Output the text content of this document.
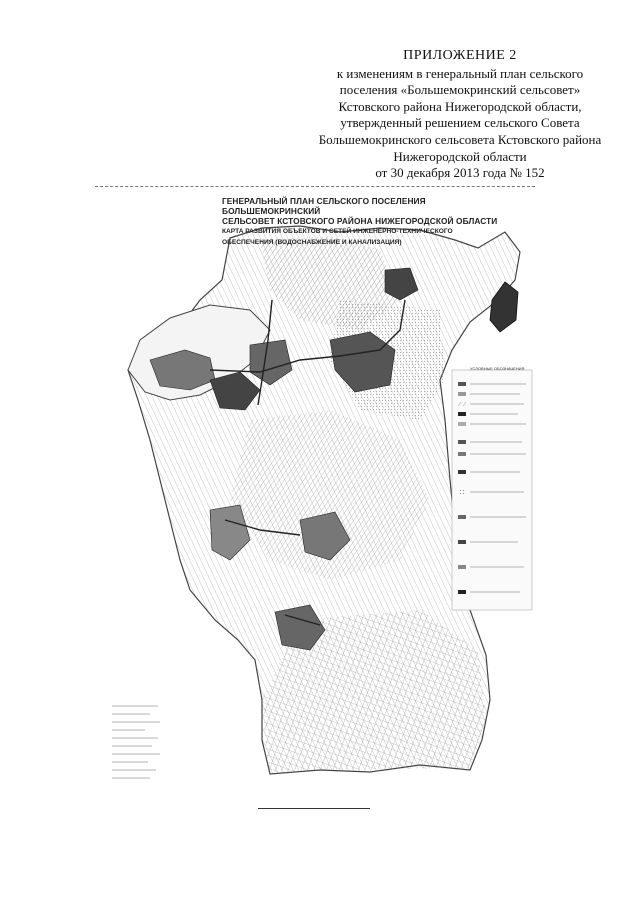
ПРИЛОЖЕНИЕ 2
к изменениям в генеральный план сельского
поселения «Большемокринский сельсовет»
Кстовского района Нижегородской области,
утвержденный решением сельского Совета
Большемокринского сельсовета Кстовского района
Нижегородской области
от 30 декабря 2013 года № 152
ГЕНЕРАЛЬНЫЙ ПЛАН СЕЛЬСКОГО ПОСЕЛЕНИЯ БОЛЬШЕМОКРИНСКИЙ
СЕЛЬСОВЕТ КСТОВСКОГО РАЙОНА НИЖЕГОРОДСКОЙ ОБЛАСТИ
КАРТА РАЗВИТИЯ ОБЪЕКТОВ И СЕТЕЙ ИНЖЕНЕРНО-ТЕХНИЧЕСКОГО
ОБЕСПЕЧЕНИЯ (ВОДОСНАБЖЕНИЕ И КАНАЛИЗАЦИЯ)
УСЛОВНЫЕ ОБОЗНАЧЕНИЯ
